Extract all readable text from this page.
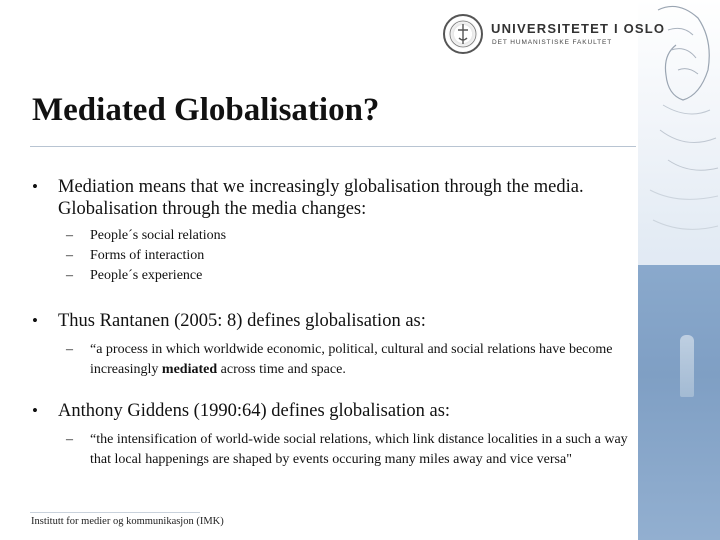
UNIVERSITETET I OSLO
DET HUMANISTISKE FAKULTET
Mediated Globalisation?
• Mediation means that we increasingly globalisation through the media. Globalisation through the media changes:
– People´s social relations
– Forms of interaction
– People´s experience
• Thus Rantanen (2005: 8) defines globalisation as:
– “a process in which worldwide economic, political, cultural and social relations have become increasingly mediated across time and space.
• Anthony Giddens (1990:64) defines globalisation as:
– “the intensification of world-wide social relations, which link distance localities in a such a way that local happenings are shaped by events occuring many miles away and vice versa"
Institutt for medier og kommunikasjon (IMK)
